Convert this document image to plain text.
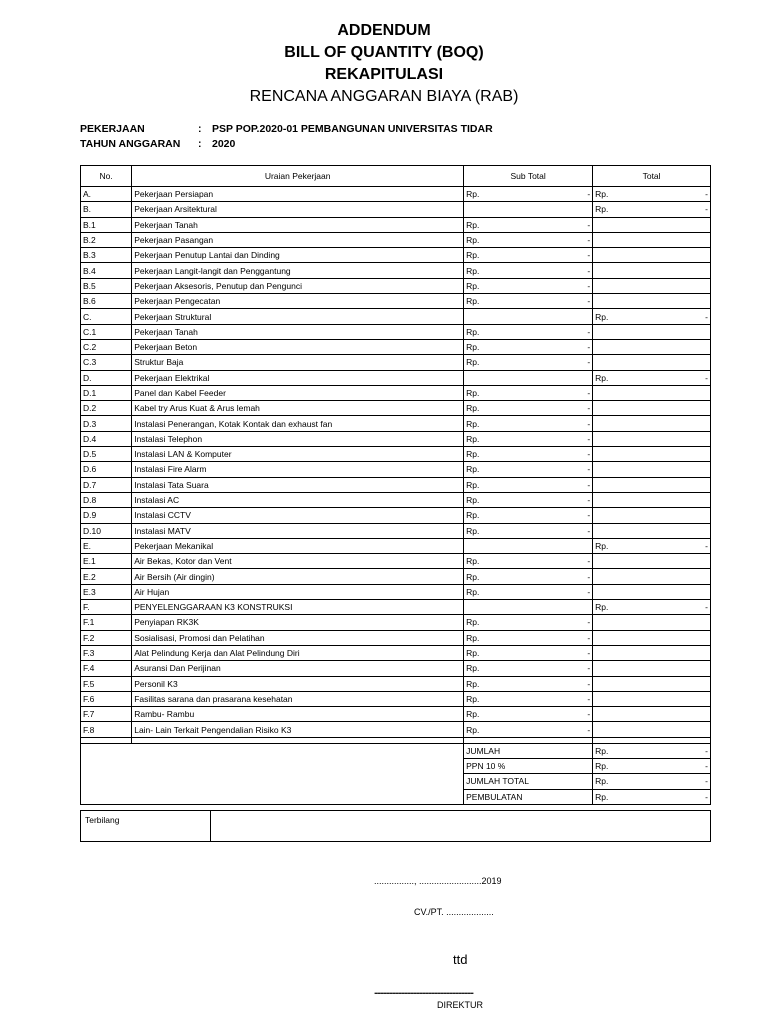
ADDENDUM
BILL OF QUANTITY (BOQ)
REKAPITULASI
RENCANA ANGGARAN BIAYA (RAB)
PEKERJAAN	:	PSP POP.2020-01 PEMBANGUNAN UNIVERSITAS TIDAR
TAHUN ANGGARAN	:	2020
No.	Uraian Pekerjaan	Sub Total	Total
A.	Pekerjaan Persiapan	Rp. -	Rp. -

B.	Pekerjaan Arsitektural		Rp. -

B.1	Pekerjaan Tanah	Rp. -	

B.2	Pekerjaan Pasangan	Rp. -	

B.3	Pekerjaan Penutup Lantai dan Dinding	Rp. -	

B.4	Pekerjaan Langit-langit dan Penggantung	Rp. -	

B.5	Pekerjaan Aksesoris, Penutup dan Pengunci	Rp. -	

B.6	Pekerjaan Pengecatan	Rp. -	

C.	Pekerjaan Struktural		Rp. -

C.1	Pekerjaan Tanah	Rp. -	

C.2	Pekerjaan Beton	Rp. -	

C.3	Struktur Baja	Rp. -	

D.	Pekerjaan Elektrikal		Rp. -

D.1	Panel dan Kabel Feeder	Rp. -	

D.2	Kabel try Arus Kuat & Arus lemah	Rp. -	

D.3	Instalasi Penerangan, Kotak Kontak dan exhaust fan	Rp. -	

D.4	Instalasi Telephon	Rp. -	

D.5	Instalasi LAN & Komputer	Rp. -	

D.6	Instalasi Fire Alarm	Rp. -	

D.7	Instalasi Tata Suara	Rp. -	

D.8	Instalasi AC	Rp. -	

D.9	Instalasi CCTV	Rp. -	

D.10	Instalasi MATV	Rp. -	

E.	Pekerjaan Mekanikal		Rp. -

E.1	Air Bekas, Kotor dan Vent	Rp. -	

E.2	Air Bersih (Air dingin)	Rp. -	

E.3	Air Hujan	Rp. -	

F.	PENYELENGGARAAN K3 KONSTRUKSI		Rp. -

F.1	Penyiapan RK3K	Rp. -	

F.2	Sosialisasi, Promosi dan Pelatihan	Rp. -	

F.3	Alat Pelindung Kerja dan Alat Pelindung Diri	Rp. -	

F.4	Asuransi Dan Perijinan	Rp. -	

F.5	Personil K3	Rp. -	

F.6	Fasilitas sarana dan prasarana kesehatan	Rp. -	

F.7	Rambu- Rambu	Rp. -	

F.8	Lain- Lain Terkait Pengendalian Risiko K3	Rp. -	

		JUMLAH	Rp. -

		PPN 10 %	Rp. -

		JUMLAH TOTAL	Rp. -

		PEMBULATAN	Rp. -
Terbilang
................, .........................2019
CV./PT. ...................
ttd
..................................................................
DIREKTUR
